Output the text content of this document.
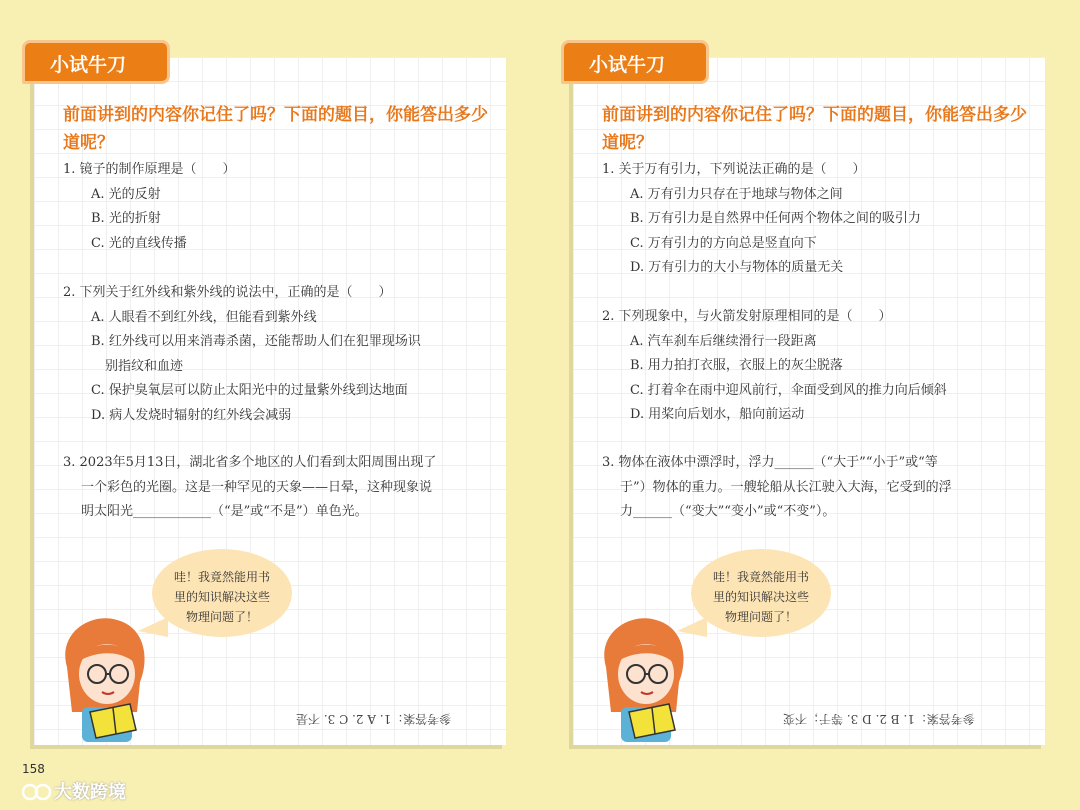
小试牛刀
前面讲到的内容你记住了吗？下面的题目，你能答出多少道呢？

1. 镜子的制作原理是（　　）

A. 光的反射

B. 光的折射

C. 光的直线传播

2. 下列关于红外线和紫外线的说法中，正确的是（　　）

A. 人眼看不到红外线，但能看到紫外线

B. 红外线可以用来消毒杀菌，还能帮助人们在犯罪现场识

别指纹和血迹

C. 保护臭氧层可以防止太阳光中的过量紫外线到达地面

D. 病人发烧时辐射的红外线会减弱

3. 2023年5月13日，湖北省多个地区的人们看到太阳周围出现了

一个彩色的光圈。这是一种罕见的天象——日晕，这种现象说

明太阳光____________（“是”或“不是”）单色光。

哇！我竟然能用书
里的知识解决这些
物理问题了！
参考答案：1. A 2. C 3. 不是
小试牛刀
前面讲到的内容你记住了吗？下面的题目，你能答出多少道呢？

1. 关于万有引力，下列说法正确的是（　　）

A. 万有引力只存在于地球与物体之间

B. 万有引力是自然界中任何两个物体之间的吸引力

C. 万有引力的方向总是竖直向下

D. 万有引力的大小与物体的质量无关

2. 下列现象中，与火箭发射原理相同的是（　　）

A. 汽车刹车后继续滑行一段距离

B. 用力拍打衣服，衣服上的灰尘脱落

C. 打着伞在雨中迎风前行，伞面受到风的推力向后倾斜

D. 用桨向后划水，船向前运动

3. 物体在液体中漂浮时，浮力______（“大于”“小于”或“等

于”）物体的重力。一艘轮船从长江驶入大海，它受到的浮

力______（“变大”“变小”或“不变”）。

哇！我竟然能用书
里的知识解决这些
物理问题了！
参考答案：1. B 2. D 3. 等于；不变
158
大数跨境
